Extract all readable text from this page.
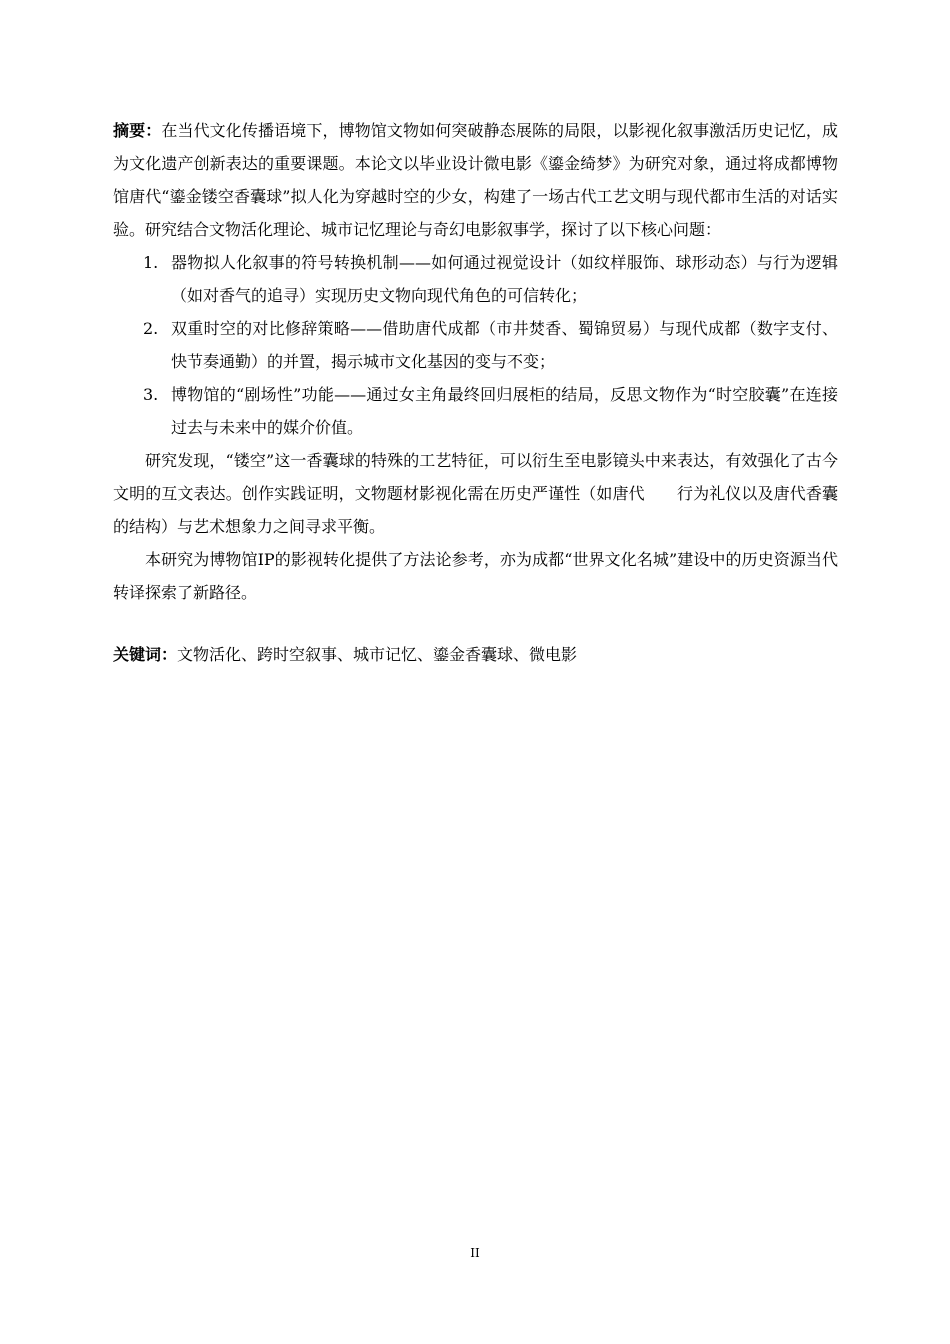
摘要：在当代文化传播语境下，博物馆文物如何突破静态展陈的局限，以影视化叙事激活历史记忆，成为文化遗产创新表达的重要课题。本论文以毕业设计微电影《鎏金绮梦》为研究对象，通过将成都博物馆唐代“鎏金镂空香囊球”拟人化为穿越时空的少女，构建了一场古代工艺文明与现代都市生活的对话实验。研究结合文物活化理论、城市记忆理论与奇幻电影叙事学，探讨了以下核心问题：

1. 器物拟人化叙事的符号转换机制——如何通过视觉设计（如纹样服饰、球形动态）与行为逻辑（如对香气的追寻）实现历史文物向现代角色的可信转化；
2. 双重时空的对比修辞策略——借助唐代成都（市井焚香、蜀锦贸易）与现代成都（数字支付、快节奏通勤）的并置，揭示城市文化基因的变与不变；
3. 博物馆的“剧场性”功能——通过女主角最终回归展柜的结局，反思文物作为“时空胶囊”在连接过去与未来中的媒介价值。

研究发现，“镂空”这一香囊球的特殊的工艺特征，可以衍生至电影镜头中来表达，有效强化了古今文明的互文表达。创作实践证明，文物题材影视化需在历史严谨性（如唐代　　行为礼仪以及唐代香囊的结构）与艺术想象力之间寻求平衡。

本研究为博物馆IP的影视转化提供了方法论参考，亦为成都“世界文化名城”建设中的历史资源当代转译探索了新路径。

关键词：文物活化、跨时空叙事、城市记忆、鎏金香囊球、微电影

II
